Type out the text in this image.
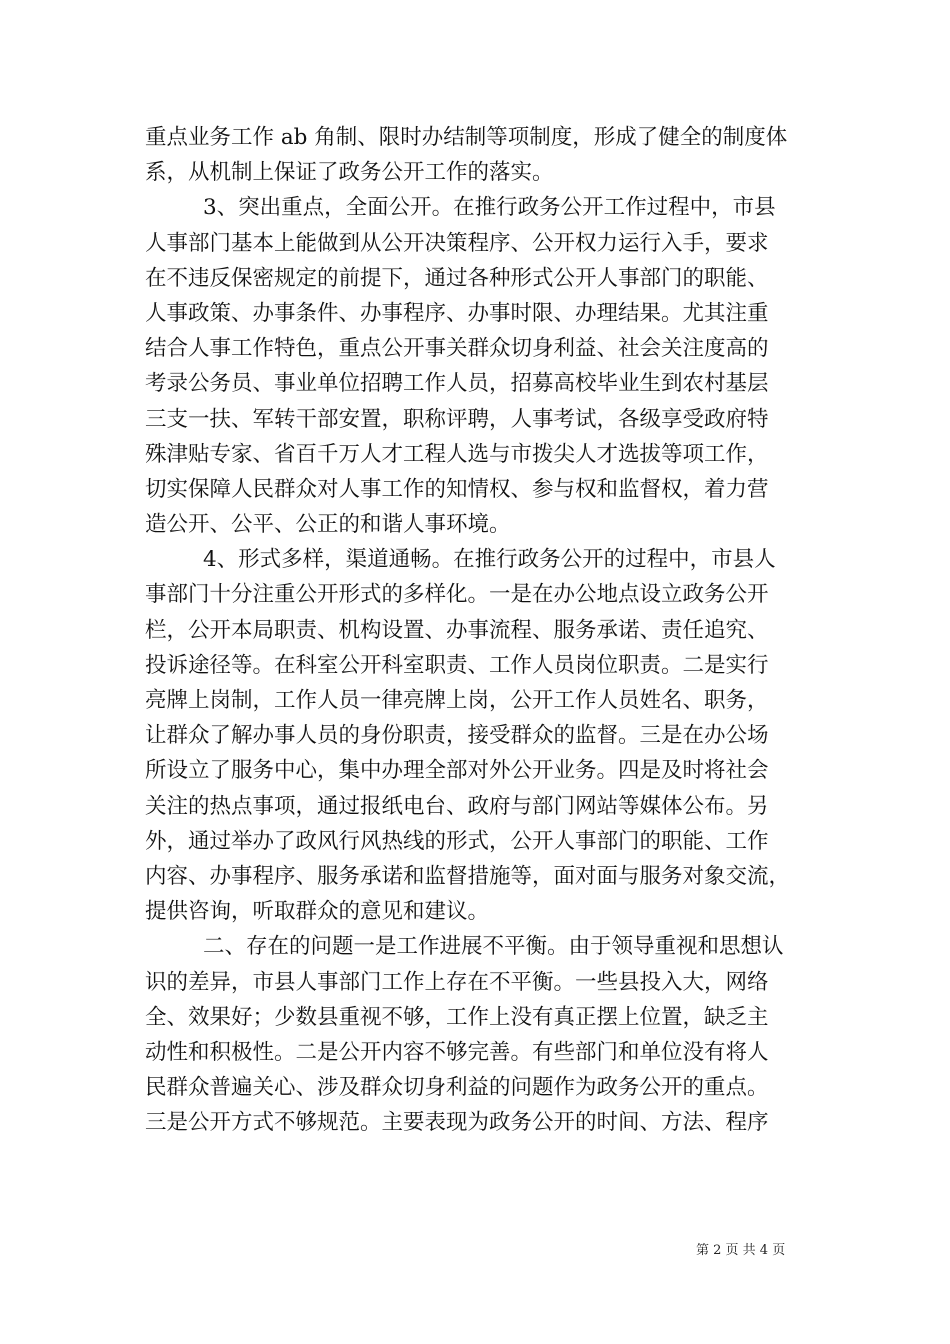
重点业务工作 ab 角制、限时办结制等项制度，形成了健全的制度体
系，从机制上保证了政务公开工作的落实。
3、突出重点，全面公开。在推行政务公开工作过程中，市县
人事部门基本上能做到从公开决策程序、公开权力运行入手，要求
在不违反保密规定的前提下，通过各种形式公开人事部门的职能、
人事政策、办事条件、办事程序、办事时限、办理结果。尤其注重
结合人事工作特色，重点公开事关群众切身利益、社会关注度高的
考录公务员、事业单位招聘工作人员，招募高校毕业生到农村基层
三支一扶、军转干部安置，职称评聘，人事考试，各级享受政府特
殊津贴专家、省百千万人才工程人选与市拨尖人才选拔等项工作，
切实保障人民群众对人事工作的知情权、参与权和监督权，着力营
造公开、公平、公正的和谐人事环境。
4、形式多样，渠道通畅。在推行政务公开的过程中，市县人
事部门十分注重公开形式的多样化。一是在办公地点设立政务公开
栏，公开本局职责、机构设置、办事流程、服务承诺、责任追究、
投诉途径等。在科室公开科室职责、工作人员岗位职责。二是实行
亮牌上岗制，工作人员一律亮牌上岗，公开工作人员姓名、职务，
让群众了解办事人员的身份职责，接受群众的监督。三是在办公场
所设立了服务中心，集中办理全部对外公开业务。四是及时将社会
关注的热点事项，通过报纸电台、政府与部门网站等媒体公布。另
外，通过举办了政风行风热线的形式，公开人事部门的职能、工作
内容、办事程序、服务承诺和监督措施等，面对面与服务对象交流，
提供咨询，听取群众的意见和建议。
二、存在的问题一是工作进展不平衡。由于领导重视和思想认
识的差异，市县人事部门工作上存在不平衡。一些县投入大，网络
全、效果好；少数县重视不够，工作上没有真正摆上位置，缺乏主
动性和积极性。二是公开内容不够完善。有些部门和单位没有将人
民群众普遍关心、涉及群众切身利益的问题作为政务公开的重点。
三是公开方式不够规范。主要表现为政务公开的时间、方法、程序
第 2 页 共 4 页
